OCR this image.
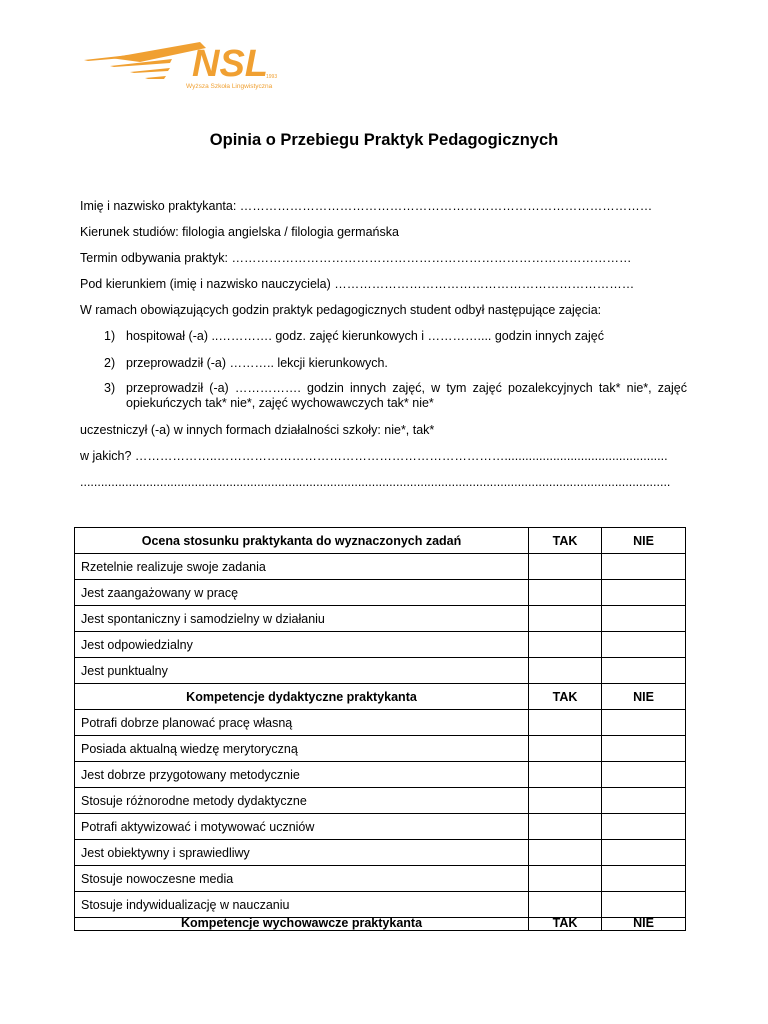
NSL
1993
Wyższa Szkoła Lingwistyczna
Opinia o Przebiegu Praktyk Pedagogicznych
Imię i nazwisko praktykanta: ………………………………………………………………………………………
Kierunek studiów: filologia angielska / filologia germańska
Termin odbywania praktyk: ……………………………………………………………………………………
Pod kierunkiem (imię i nazwisko nauczyciela) ………………………………………………………………
W ramach obowiązujących godzin praktyk pedagogicznych student odbył następujące zajęcia:
1) hospitował (-a) ..…………. godz. zajęć kierunkowych i ………….... godzin innych zajęć
2) przeprowadził (-a) ……….. lekcji kierunkowych.
3) przeprowadził (-a) ……………. godzin innych zajęć, w tym zajęć pozalekcyjnych tak* nie*, zajęć opiekuńczych tak* nie*, zajęć wychowawczych tak* nie*
uczestniczył (-a) w innych formach działalności szkoły: nie*, tak*
w jakich? ………………..……………………………………………………………...............................................
..........................................................................................................................................................................
Ocena stosunku praktykanta do wyznaczonych zadań	TAK	NIE
Rzetelnie realizuje swoje zadania		
Jest zaangażowany w pracę		
Jest spontaniczny i samodzielny w działaniu		
Jest odpowiedzialny		
Jest punktualny		
Kompetencje dydaktyczne praktykanta	TAK	NIE
Potrafi dobrze planować pracę własną		
Posiada aktualną wiedzę merytoryczną		
Jest dobrze przygotowany metodycznie		
Stosuje różnorodne metody dydaktyczne		
Potrafi aktywizować i motywować uczniów		
Jest obiektywny i sprawiedliwy		
Stosuje nowoczesne media		
Stosuje indywidualizację w nauczaniu		
Kompetencje wychowawcze praktykanta	TAK	NIE
